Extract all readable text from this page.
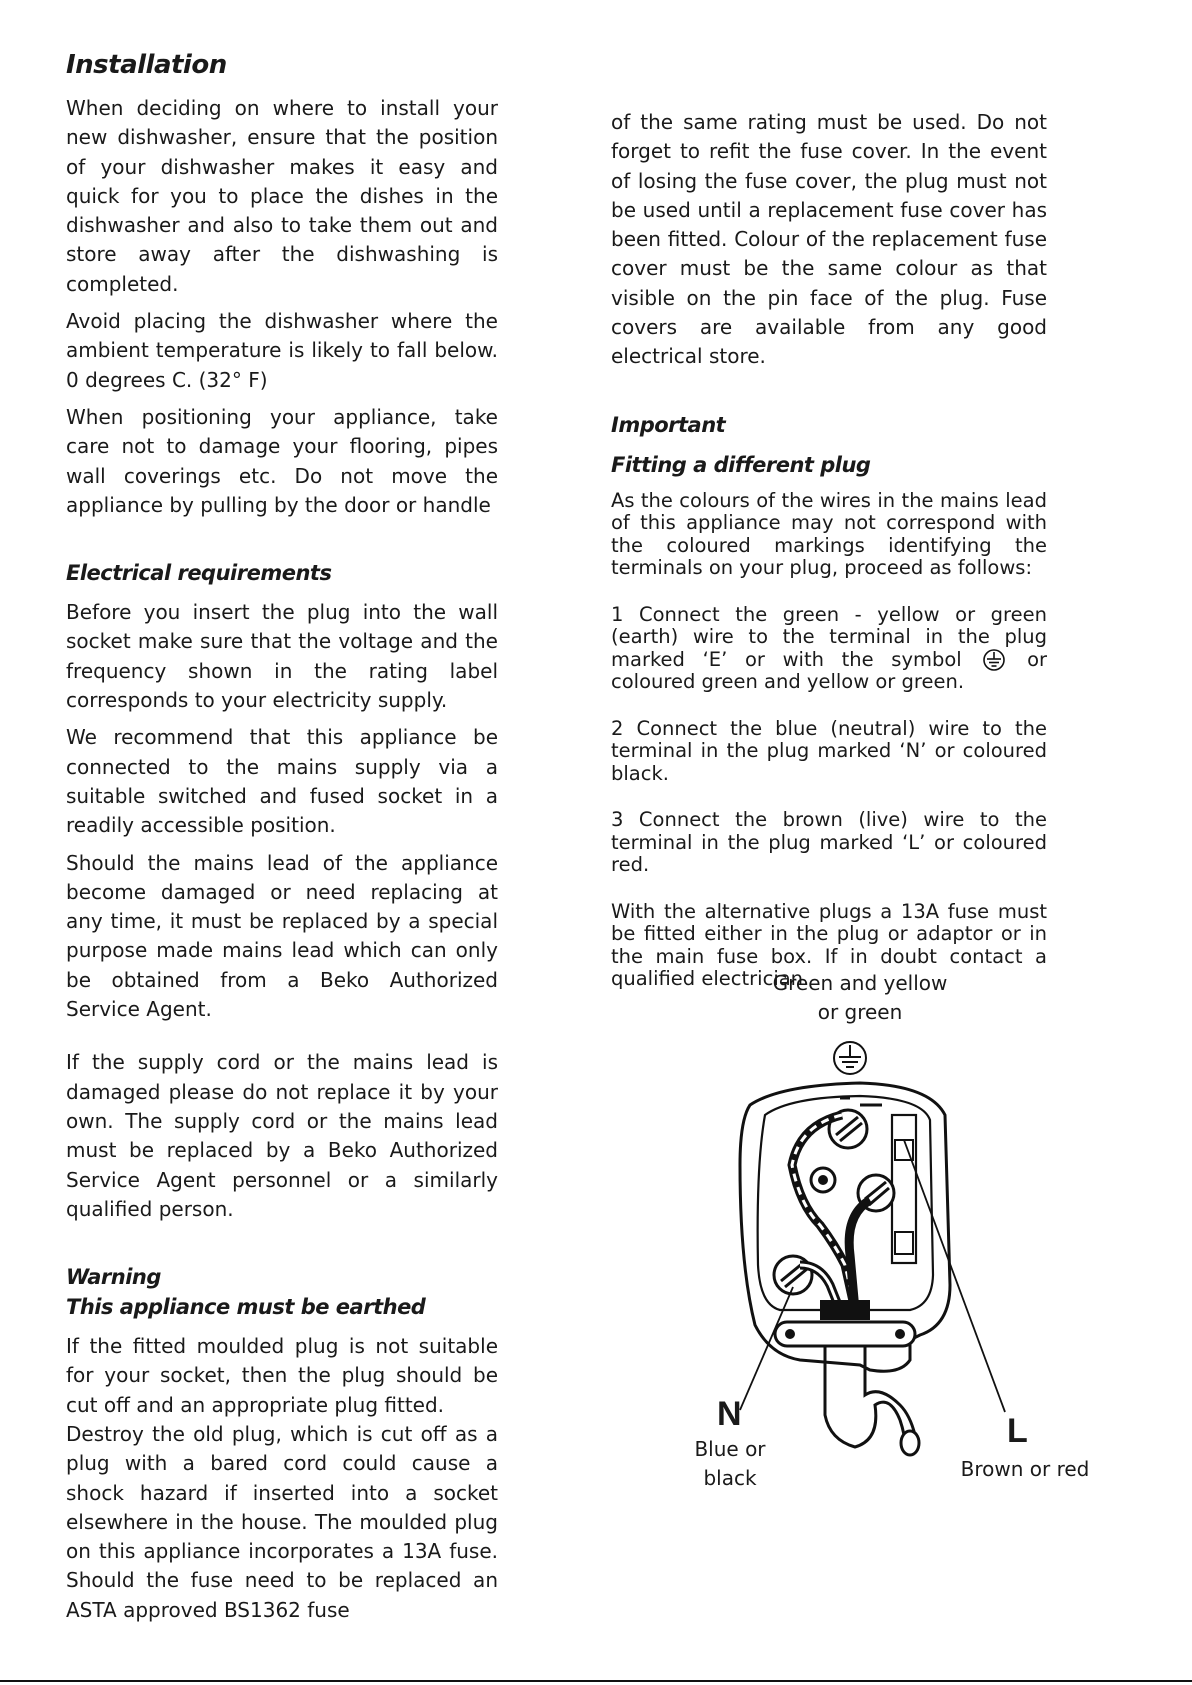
Installation

When deciding on where to install your new dishwasher, ensure that the position of your dishwasher makes it easy and quick for you to place the dishes in the dishwasher and also to take them out and store away after the dishwashing is completed.

Avoid placing the dishwasher where the ambient temperature is likely to fall below. 0 degrees C. (32° F)

When positioning your appliance, take care not to damage your flooring, pipes wall coverings etc. Do not move the appliance by pulling by the door or handle

Electrical requirements

Before you insert the plug into the wall socket make sure that the voltage and the frequency shown in the rating label corresponds to your electricity supply.

We recommend that this appliance be connected to the mains supply via a suitable switched and fused socket in a readily accessible position.

Should the mains lead of the appliance become damaged or need replacing at any time, it must be replaced by a special purpose made mains lead which can only be obtained from a Beko Authorized Service Agent.

If the supply cord or the mains lead is damaged please do not replace it by your own. The supply cord or the mains lead must be replaced by a Beko Authorized Service Agent personnel or a similarly qualified person.

Warning
This appliance must be earthed

If the fitted moulded plug is not suitable for your socket, then the plug should be cut off and an appropriate plug fitted.

Destroy the old plug, which is cut off as a plug with a bared cord could cause a shock hazard if inserted into a socket elsewhere in the house. The moulded plug on this appliance incorporates a 13A fuse. Should the fuse need to be replaced an ASTA approved BS1362 fuse

of the same rating must be used. Do not forget to refit the fuse cover. In the event of losing the fuse cover, the plug must not be used until a replacement fuse cover has been fitted. Colour of the replacement fuse cover must be the same colour as that visible on the pin face of the plug. Fuse covers are available from any good electrical store.

Important
Fitting a different plug

As the colours of the wires in the mains lead of this appliance may not correspond with the coloured markings identifying the terminals on your plug, proceed as follows:

1 Connect the green - yellow or green (earth) wire to the terminal in the plug marked ‘E’ or with the symbol	or coloured green and yellow or green.

2 Connect the blue (neutral) wire to the terminal in the plug marked ‘N’ or coloured black.

3 Connect the brown (live) wire to the terminal in the plug marked ‘L’ or coloured red.

With the alternative plugs a 13A fuse must be fitted either in the plug or adaptor or in the main fuse box. If in doubt contact a qualified electrician.

Green and yellow
or green
N
Blue or
black
L
Brown or red
